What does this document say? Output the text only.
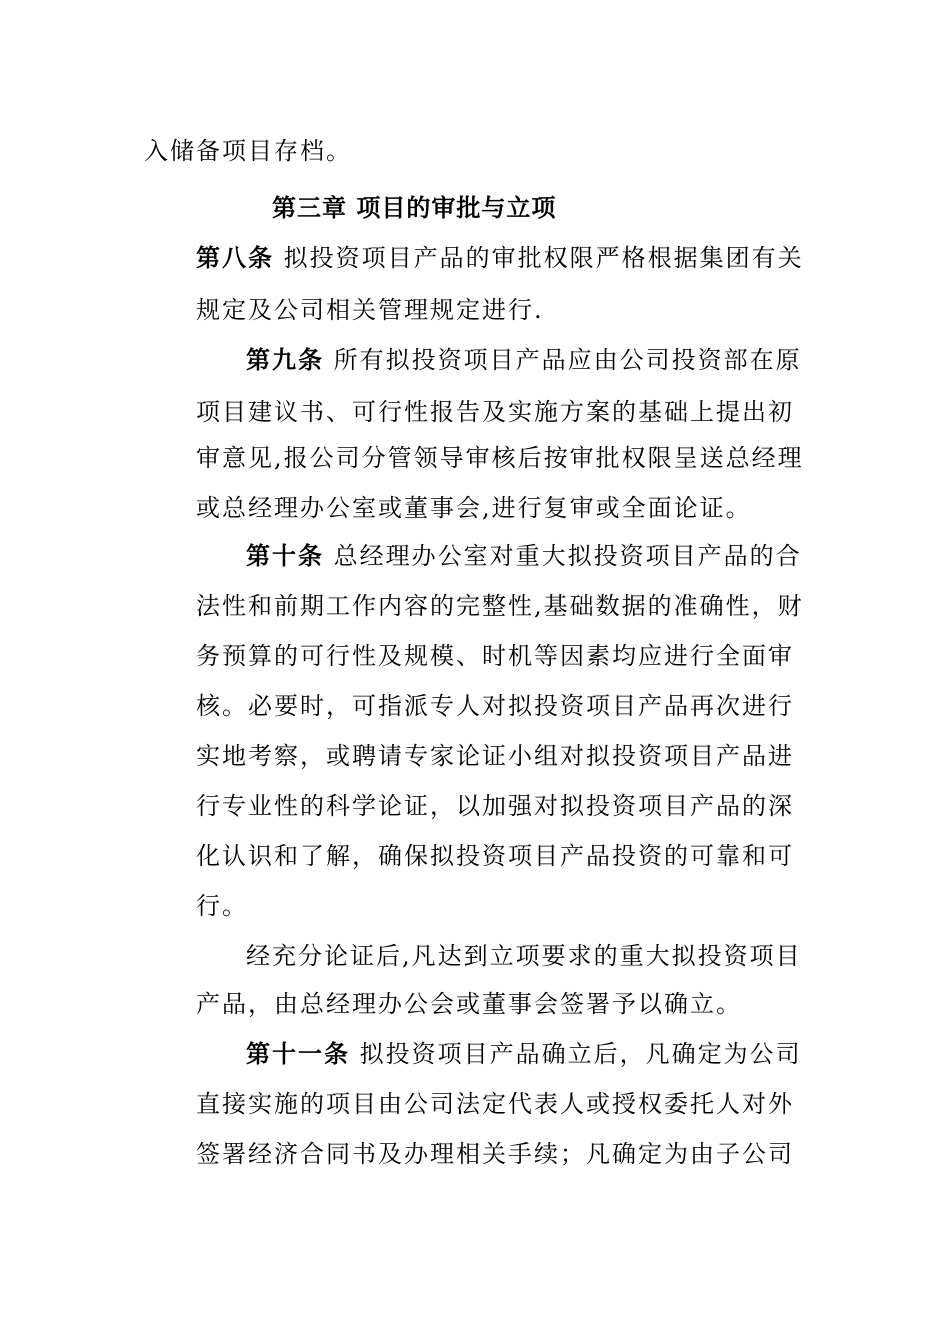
入储备项目存档。
第三章 项目的审批与立项
第八条 拟投资项目产品的审批权限严格根据集团有关
规定及公司相关管理规定进行.
第九条 所有拟投资项目产品应由公司投资部在原
项目建议书、可行性报告及实施方案的基础上提出初
审意见,报公司分管领导审核后按审批权限呈送总经理
或总经理办公室或董事会,进行复审或全面论证。
第十条 总经理办公室对重大拟投资项目产品的合
法性和前期工作内容的完整性,基础数据的准确性，财
务预算的可行性及规模、时机等因素均应进行全面审
核。必要时，可指派专人对拟投资项目产品再次进行
实地考察，或聘请专家论证小组对拟投资项目产品进
行专业性的科学论证，以加强对拟投资项目产品的深
化认识和了解，确保拟投资项目产品投资的可靠和可
行。
经充分论证后,凡达到立项要求的重大拟投资项目
产品，由总经理办公会或董事会签署予以确立。
第十一条 拟投资项目产品确立后，凡确定为公司
直接实施的项目由公司法定代表人或授权委托人对外
签署经济合同书及办理相关手续；凡确定为由子公司
